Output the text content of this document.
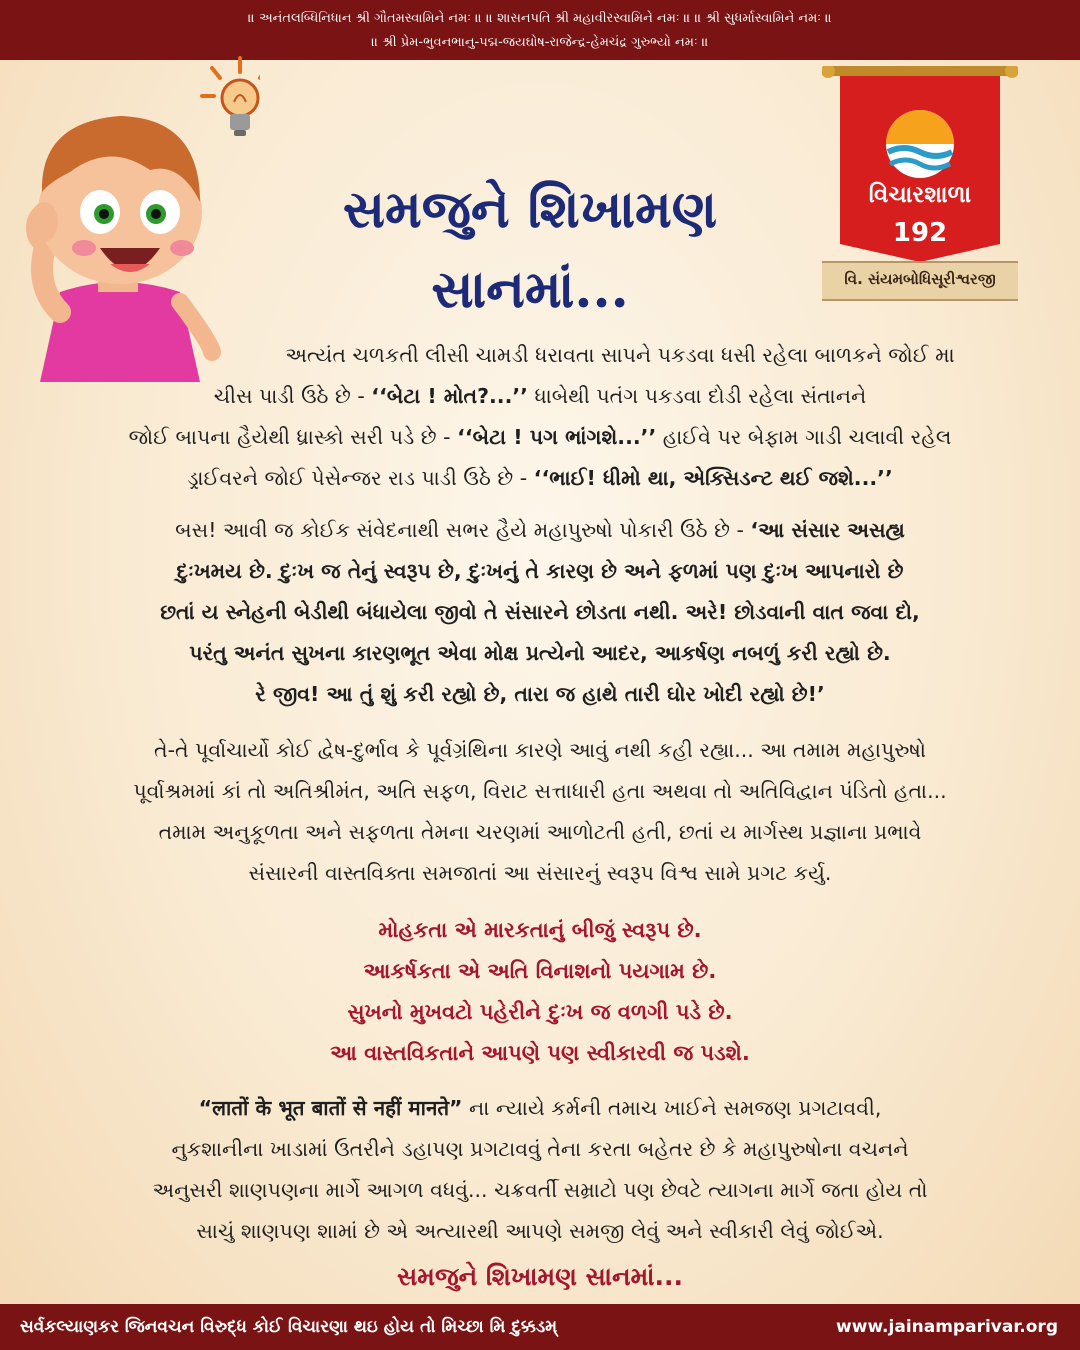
॥ અનંતલબ્ધિનિધાન શ્રી ગૌતમસ્વામિને નમઃ ॥ ॥ શાસનપતિ શ્રી મહાવીરસ્વામિને નમઃ ॥ ॥ શ્રી સુધર્માસ્વામિને નમઃ ॥
॥ શ્રી પ્રેમ-ભુવનભાનુ-પદ્મ-જયઘોષ-રાજેન્દ્ર-હેમચંદ્ર ગુરુભ્યો નમઃ ॥
સમજુને શિખામણ
સાનમાં...
વિચારશાળા
192
વિ. સંયમબોધિસૂરીશ્વરજી
અત્યંત ચળકતી લીસી ચામડી ધરાવતા સાપને પકડવા ધસી રહેલા બાળકને જોઈ મા
ચીસ પાડી ઉઠે છે - ‘‘બેટા ! મોત?...’’ ધાબેથી પતંગ પકડવા દોડી રહેલા સંતાનને
જોઈ બાપના હૈયેથી ધ્રાસ્કો સરી પડે છે - ‘‘બેટા ! પગ ભાંગશે...’’ હાઈવે પર બેફામ ગાડી ચલાવી રહેલ
ડ્રાઈવરને જોઈ પેસેન્જર રાડ પાડી ઉઠે છે - ‘‘ભાઈ! ધીમો થા, એક્સિડન્ટ થઈ જશે...’’
બસ! આવી જ કોઈક સંવેદનાથી સભર હૈયે મહાપુરુષો પોકારી ઉઠે છે - ‘આ સંસાર અસહ્ય
દુઃખમય છે. દુઃખ જ તેનું સ્વરૂપ છે, દુઃખનું તે કારણ છે અને ફળમાં પણ દુઃખ આપનારો છે
છતાં ય સ્નેહની બેડીથી બંધાયેલા જીવો તે સંસારને છોડતા નથી. અરે! છોડવાની વાત જવા દો,
પરંતુ અનંત સુખના કારણભૂત એવા મોક્ષ પ્રત્યેનો આદર, આકર્ષણ નબળું કરી રહ્યો છે.
રે જીવ! આ તું શું કરી રહ્યો છે, તારા જ હાથે તારી ઘોર ખોદી રહ્યો છે!’
તે-તે પૂર્વાચાર્યો કોઈ દ્વેષ-દુર્ભાવ કે પૂર્વગ્રંથિના કારણે આવું નથી કહી રહ્યા... આ તમામ મહાપુરુષો
પૂર્વાશ્રમમાં કાં તો અતિશ્રીમંત, અતિ સફળ, વિરાટ સત્તાધારી હતા અથવા તો અતિવિદ્વાન પંડિતો હતા...
તમામ અનુકૂળતા અને સફળતા તેમના ચરણમાં આળોટતી હતી, છતાં ય માર્ગસ્થ પ્રજ્ઞાના પ્રભાવે
સંસારની વાસ્તવિક્તા સમજાતાં આ સંસારનું સ્વરૂપ વિશ્વ સામે પ્રગટ કર્યુ.
મોહકતા એ મારકતાનું બીજું સ્વરૂપ છે.
આકર્ષકતા એ અતિ વિનાશનો પયગામ છે.
સુખનો મુખવટો પહેરીને દુઃખ જ વળગી પડે છે.
આ વાસ્તવિકતાને આપણે પણ સ્વીકારવી જ પડશે.
“लातों के भूत बातों से नहीं मानते” ના ન્યાયે કર્મની તમાચ ખાઈને સમજણ પ્રગટાવવી,
નુકશાનીના ખાડામાં ઉતરીને ડહાપણ પ્રગટાવવું તેના કરતા બહેતર છે કે મહાપુરુષોના વચનને
અનુસરી શાણપણના માર્ગે આગળ વધવું... ચક્રવર્તી સમ્રાટો પણ છેવટે ત્યાગના માર્ગે જતા હોય તો
સાચું શાણપણ શામાં છે એ અત્યારથી આપણે સમજી લેવું અને સ્વીકારી લેવું જોઈએ.
સમજુને શિખામણ સાનમાં...
સર્વકલ્યાણકર જિનવચન વિરુદ્ધ કોઈ વિચારણા થઇ હોય તો મિચ્છા મિ દુક્કડમ્	www.jainamparivar.org
